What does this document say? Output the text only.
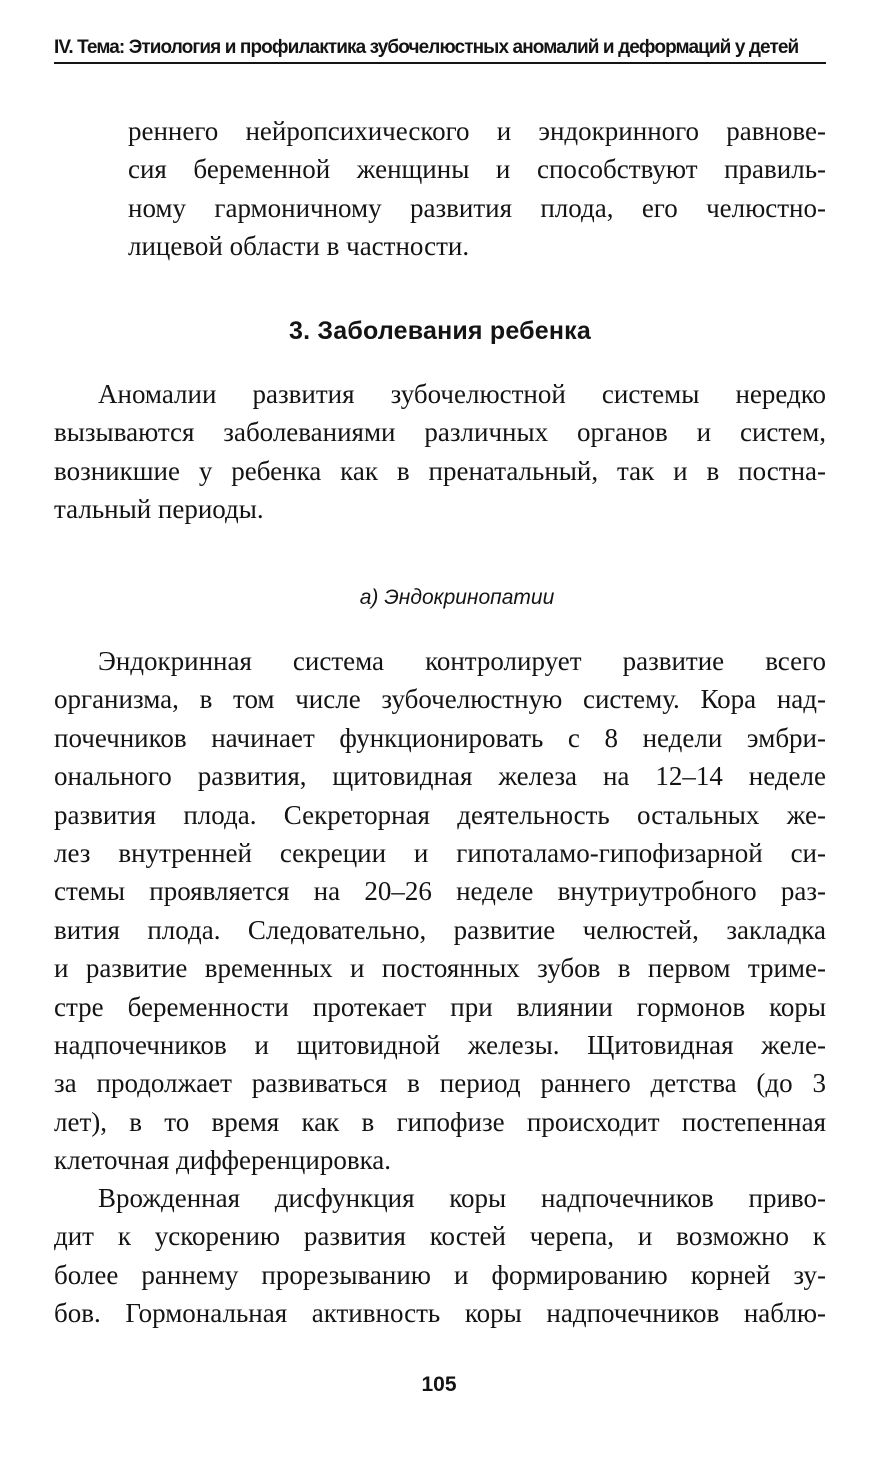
IV. Тема: Этиология и профилактика зубочелюстных аномалий и деформаций у детей
реннего нейропсихического и эндокринного равнове-
сия беременной женщины и способствуют правиль-
ному гармоничному развития плода, его челюстно-
лицевой области в частности.
3. Заболевания ребенка
Аномалии развития зубочелюстной системы нередко
вызываются заболеваниями различных органов и систем,
возникшие у ребенка как в пренатальный, так и в постна-
тальный периоды.
а) Эндокринопатии
Эндокринная система контролирует развитие всего
организма, в том числе зубочелюстную систему. Кора над-
почечников начинает функционировать с 8 недели эмбри-
онального развития, щитовидная железа на 12–14 неделе
развития плода. Секреторная деятельность остальных же-
лез внутренней секреции и гипоталамо-гипофизарной си-
стемы проявляется на 20–26 неделе внутриутробного раз-
вития плода. Следовательно, развитие челюстей, закладка
и развитие временных и постоянных зубов в первом триме-
стре беременности протекает при влиянии гормонов коры
надпочечников и щитовидной железы. Щитовидная желе-
за продолжает развиваться в период раннего детства (до 3
лет), в то время как в гипофизе происходит постепенная
клеточная дифференцировка.
Врожденная дисфункция коры надпочечников приво-
дит к ускорению развития костей черепа, и возможно к
более раннему прорезыванию и формированию корней зу-
бов. Гормональная активность коры надпочечников наблю-
105
